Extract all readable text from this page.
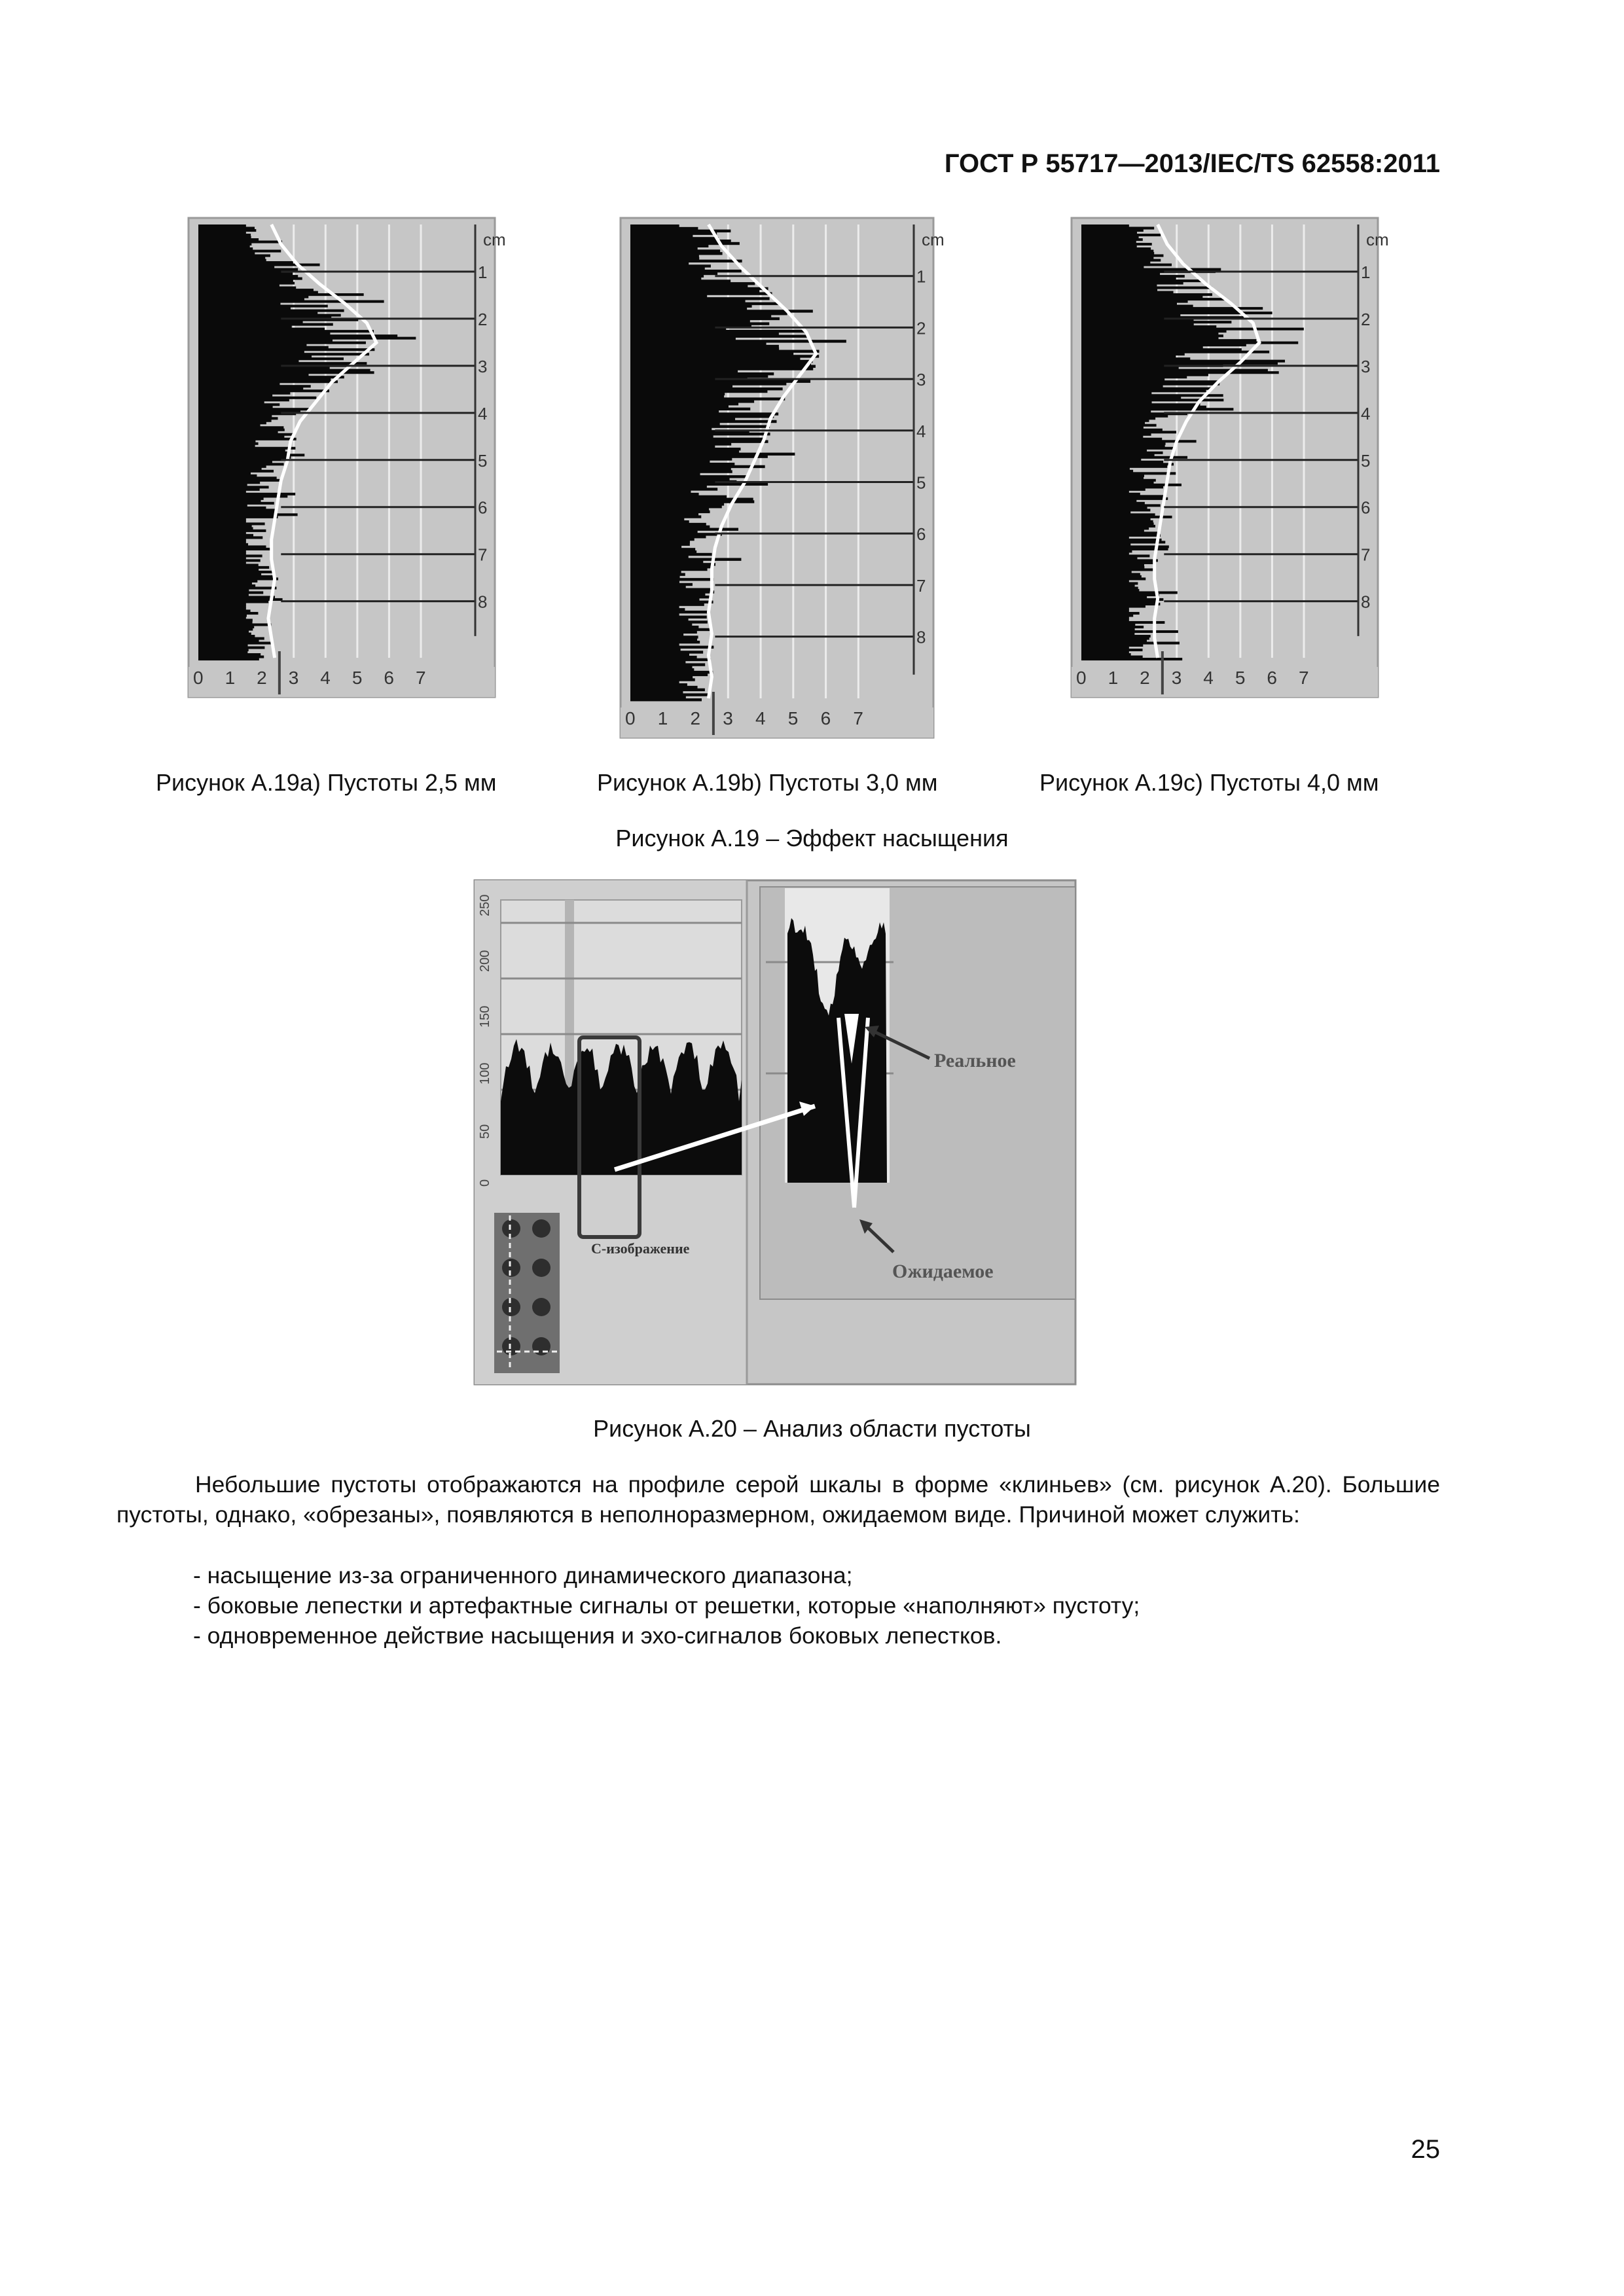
ГОСТ Р 55717—2013/IEC/TS 62558:2011
1
2
3
4
5
6
7
8
cm
0 1 2 3 4 5 6 7
1
2
3
4
5
6
7
8
cm
0 1 2 3 4 5 6 7
1
2
3
4
5
6
7
8
cm
0 1 2 3 4 5 6 7
Рисунок А.19а) Пустоты 2,5 мм	Рисунок А.19b) Пустоты 3,0 мм	Рисунок А.19с) Пустоты 4,0 мм
Рисунок А.19 – Эффект насыщения
0
50
100
150
200
250
Реальное
Ожидаемое
С-изображение
Рисунок А.20 – Анализ области пустоты
Небольшие пустоты отображаются на профиле серой шкалы в форме «клиньев» (см. рисунок А.20). Большие пустоты, однако, «обрезаны», появляются в неполноразмерном, ожидаемом виде. Причиной может служить:
- насыщение из-за ограниченного динамического диапазона;
- боковые лепестки и артефактные сигналы от решетки, которые «наполняют» пустоту;
- одновременное действие насыщения и эхо-сигналов боковых лепестков.
25
